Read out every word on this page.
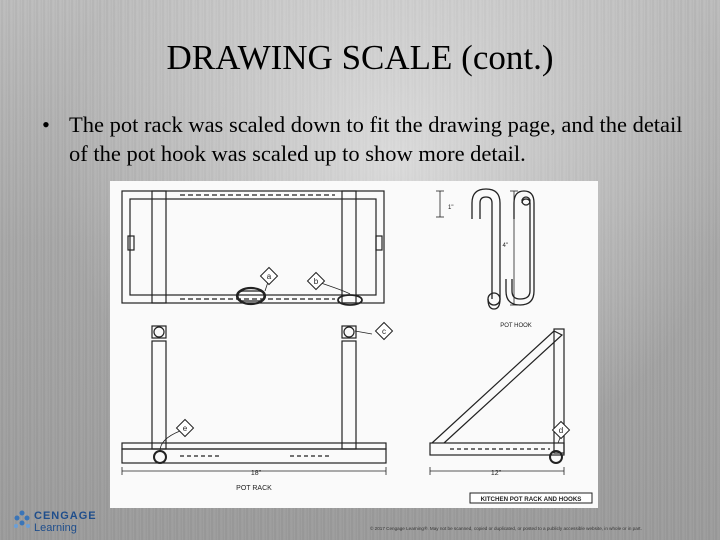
DRAWING SCALE (cont.)
• The pot rack was scaled down to fit the drawing page, and the detail of the pot hook was scaled up to show more detail.
a
b
c
e
18"
POT RACK
1"
4"
POT HOOK
d
12"
KITCHEN POT RACK AND HOOKS
CENGAGE
Learning	© 2017 Cengage Learning®. May not be scanned, copied or duplicated, or posted to a publicly accessible website, in whole or in part.
